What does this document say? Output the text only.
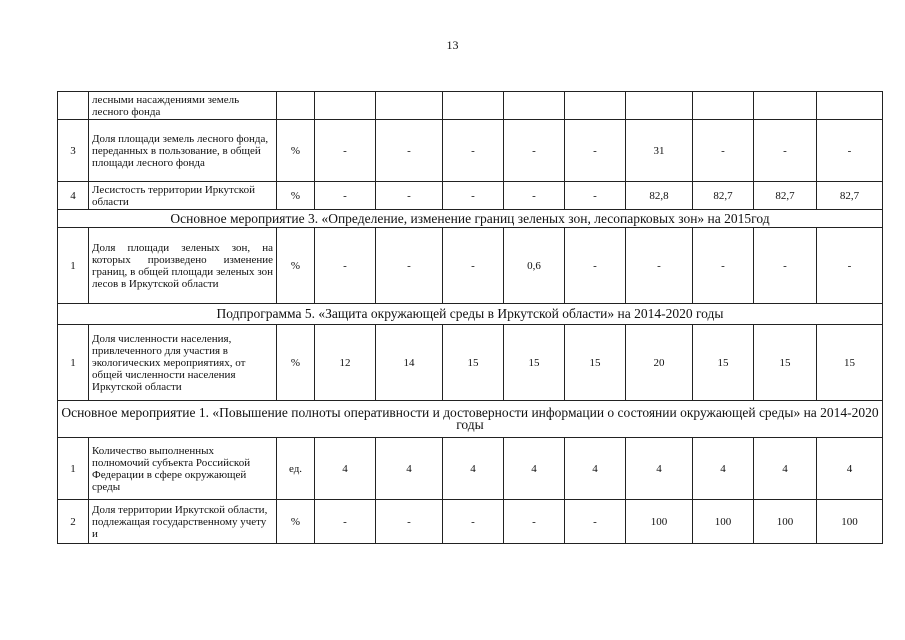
13
	лесными насаждениями земель лесного фонда										
3	Доля площади земель лесного фонда, переданных в пользование, в общей площади лесного фонда	%	-	-	-	-	-	31	-	-	-
4	Лесистость территории Иркутской области	%	-	-	-	-	-	82,8	82,7	82,7	82,7
Основное мероприятие 3. «Определение, изменение границ зеленых зон, лесопарковых зон» на 2015год											
1	Доля площади зеленых зон, на которых произведено изменение границ, в общей площади зеленых зон лесов в Иркутской области	%	-	-	-	0,6	-	-	-	-	-
Подпрограмма 5. «Защита окружающей среды в Иркутской области» на 2014-2020 годы											
1	Доля численности населения, привлеченного для участия в экологических мероприятиях, от общей численности населения Иркутской области	%	12	14	15	15	15	20	15	15	15
Основное мероприятие 1. «Повышение полноты оперативности и достоверности информации о состоянии окружающей среды» на 2014-2020 годы											
1	Количество выполненных полномочий субъекта Российской Федерации в сфере окружающей среды	ед.	4	4	4	4	4	4	4	4	4
2	Доля территории Иркутской области, подлежащая государственному учету и	%	-	-	-	-	-	100	100	100	100
